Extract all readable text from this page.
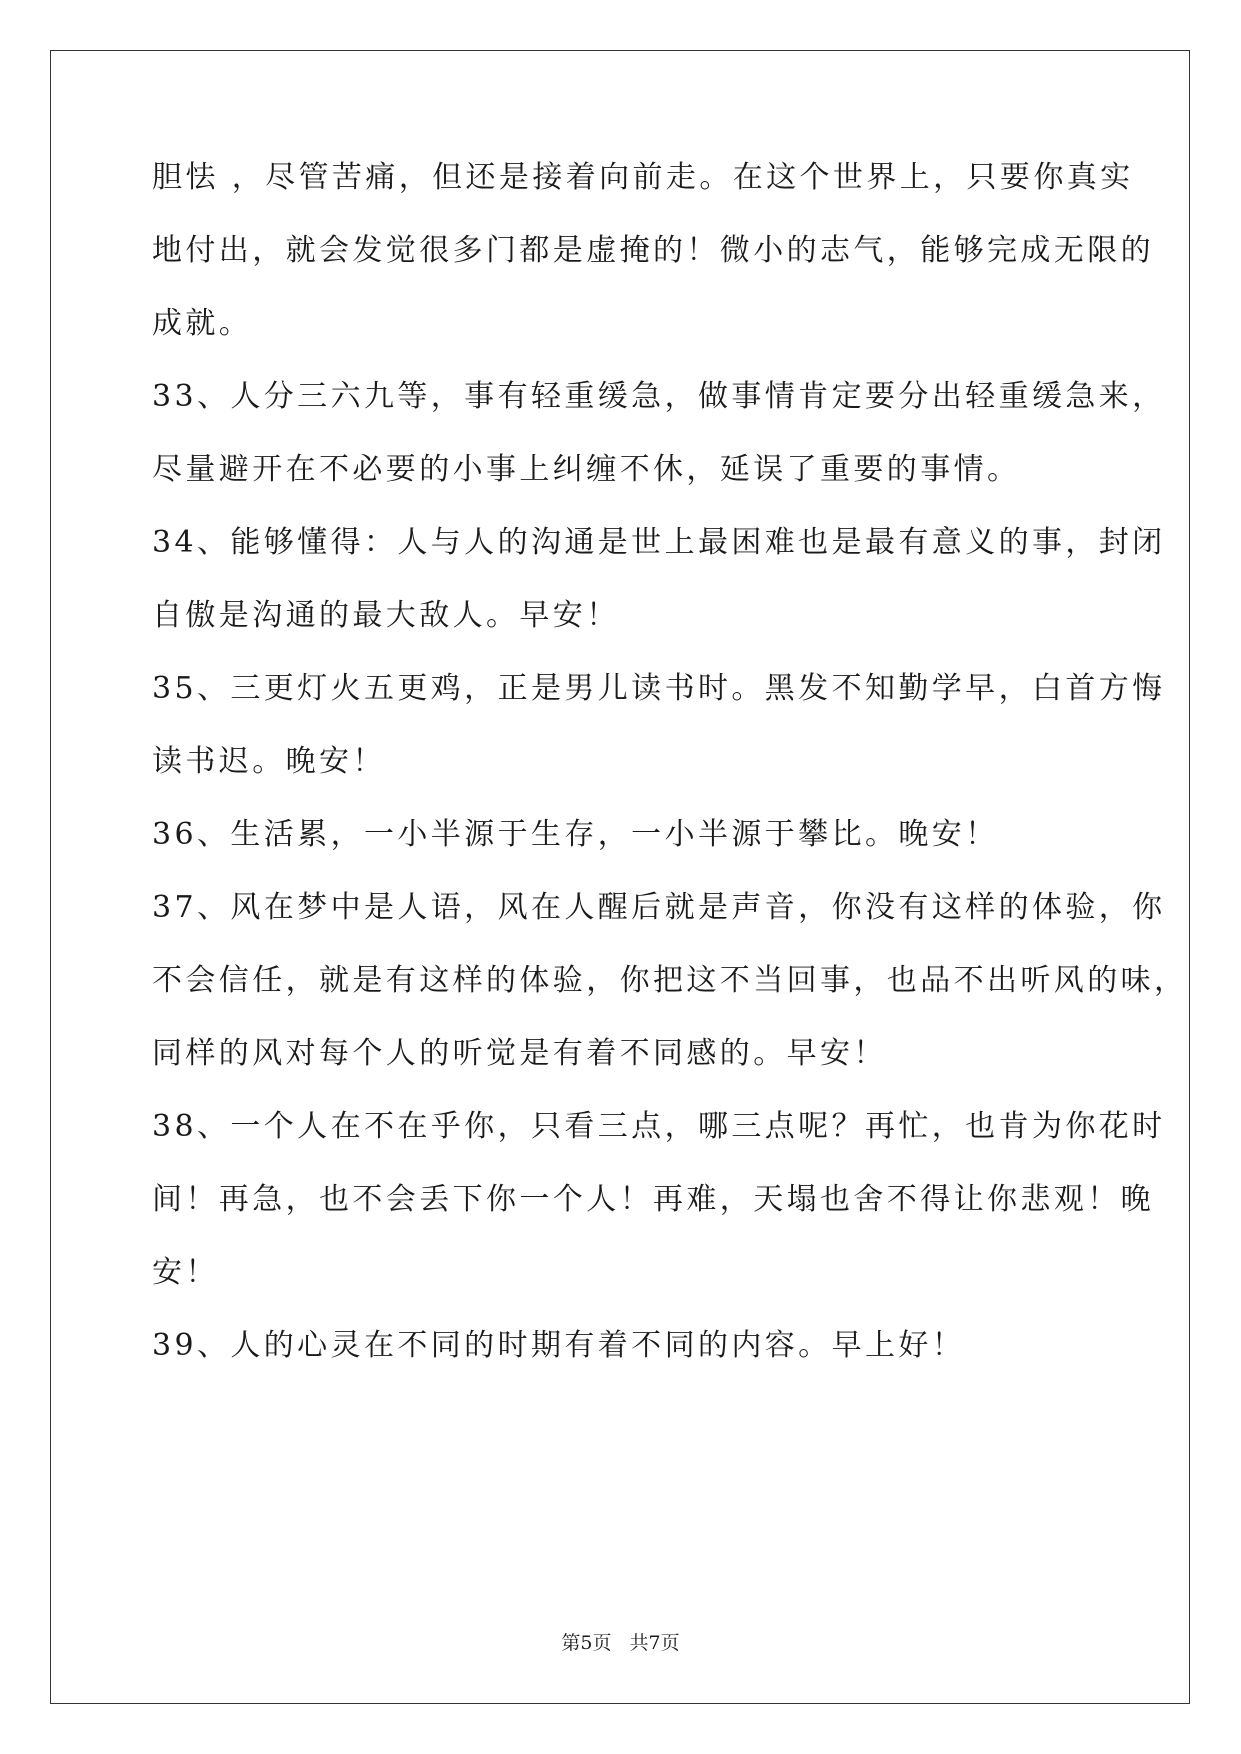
胆怯 ，尽管苦痛，但还是接着向前走。在这个世界上，只要你真实
地付出，就会发觉很多门都是虚掩的！微小的志气，能够完成无限的
成就。
33、人分三六九等，事有轻重缓急，做事情肯定要分出轻重缓急来，
尽量避开在不必要的小事上纠缠不休，延误了重要的事情。
34、能够懂得：人与人的沟通是世上最困难也是最有意义的事，封闭
自傲是沟通的最大敌人。早安！
35、三更灯火五更鸡，正是男儿读书时。黑发不知勤学早，白首方悔
读书迟。晚安！
36、生活累，一小半源于生存，一小半源于攀比。晚安！
37、风在梦中是人语，风在人醒后就是声音，你没有这样的体验，你
不会信任，就是有这样的体验，你把这不当回事，也品不出听风的味，
同样的风对每个人的听觉是有着不同感的。早安！
38、一个人在不在乎你，只看三点，哪三点呢？再忙，也肯为你花时
间！再急，也不会丢下你一个人！再难，天塌也舍不得让你悲观！晚
安！
39、人的心灵在不同的时期有着不同的内容。早上好！
第5页 共7页
